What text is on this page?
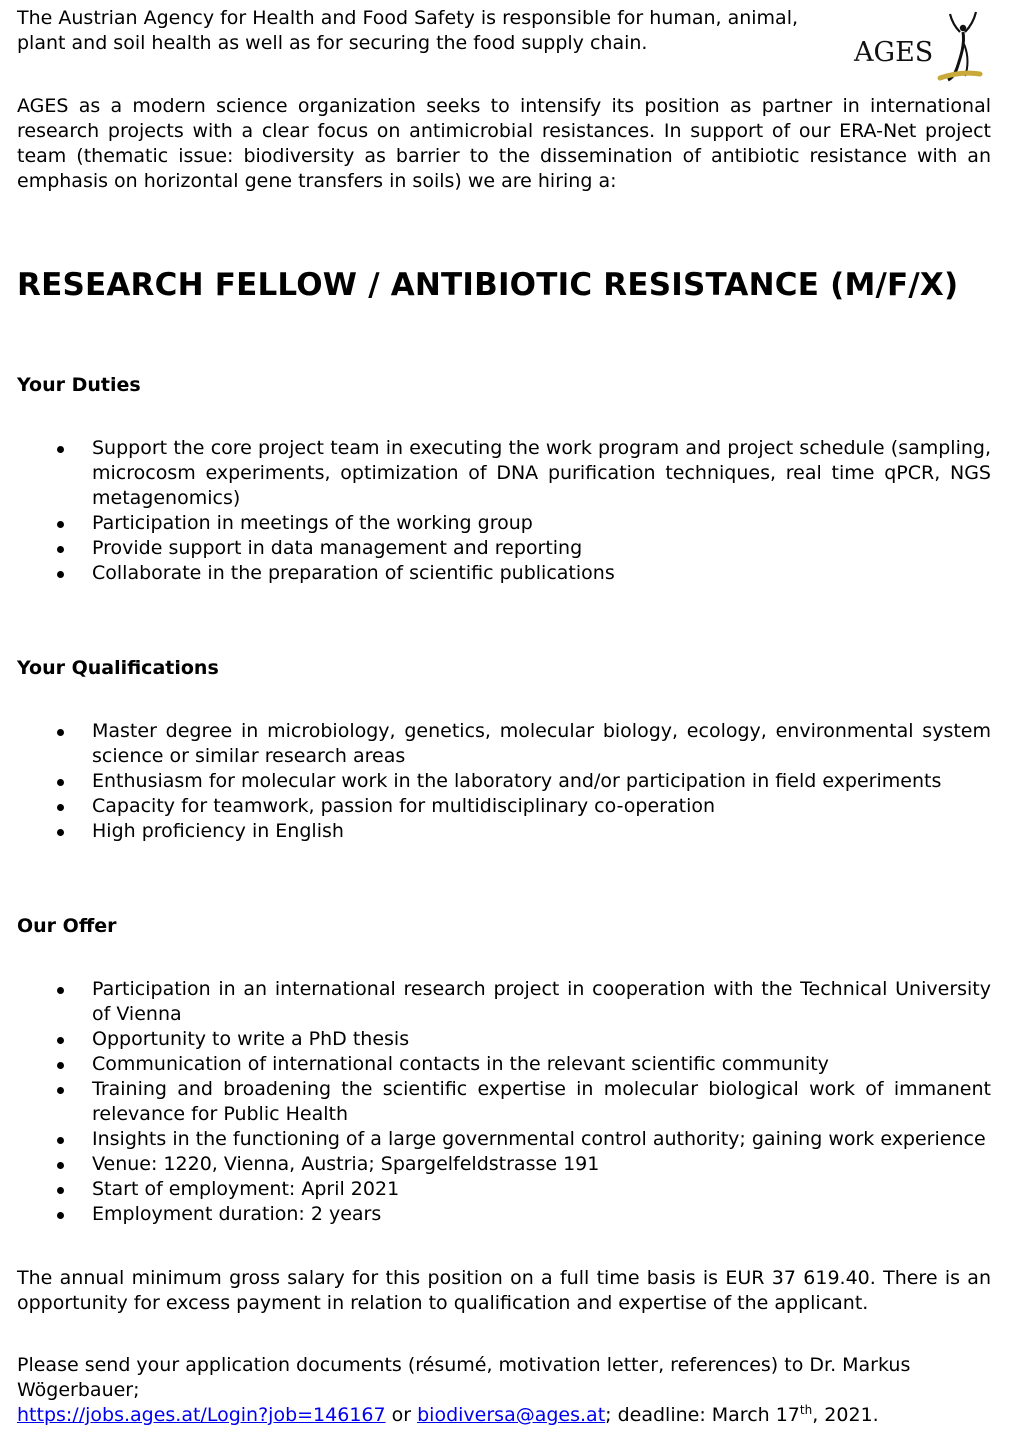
The Austrian Agency for Health and Food Safety is responsible for human, animal, plant and soil health as well as for securing the food supply chain.	AGES

AGES as a modern science organization seeks to intensify its position as partner in international research projects with a clear focus on antimicrobial resistances. In support of our ERA-Net project team (thematic issue: biodiversity as barrier to the dissemination of antibiotic resistance with an emphasis on horizontal gene transfers in soils) we are hiring a:

RESEARCH FELLOW / ANTIBIOTIC RESISTANCE (M/F/X)
Your Duties
Support the core project team in executing the work program and project schedule (sampling, microcosm experiments, optimization of DNA purification techniques, real time qPCR, NGS metagenomics)
Participation in meetings of the working group
Provide support in data management and reporting
Collaborate in the preparation of scientific publications
Your Qualifications
Master degree in microbiology, genetics, molecular biology, ecology, environmental system science or similar research areas
Enthusiasm for molecular work in the laboratory and/or participation in field experiments
Capacity for teamwork, passion for multidisciplinary co-operation
High proficiency in English
Our Offer
Participation in an international research project in cooperation with the Technical University of Vienna
Opportunity to write a PhD thesis
Communication of international contacts in the relevant scientific community
Training and broadening the scientific expertise in molecular biological work of immanent relevance for Public Health
Insights in the functioning of a large governmental control authority; gaining work experience
Venue: 1220, Vienna, Austria; Spargelfeldstrasse 191
Start of employment: April 2021
Employment duration: 2 years

The annual minimum gross salary for this position on a full time basis is EUR 37 619.40. There is an opportunity for excess payment in relation to qualification and expertise of the applicant.

Please send your application documents (résumé, motivation letter, references) to Dr. Markus Wögerbauer;
https://jobs.ages.at/Login?job=146167 or biodiversa@ages.at; deadline: March 17th, 2021.
